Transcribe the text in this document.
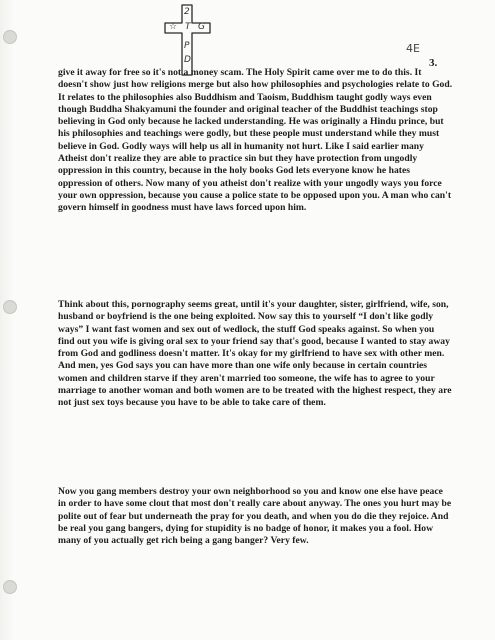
2
☆ T G
P
D
4E
3.

give it away for free so it's not a money scam. The Holy Spirit came over me to do this. It doesn't show just how religions merge but also how philosophies and psychologies relate to God. It relates to the philosophies also Buddhism and Taoism, Buddhism taught godly ways even though Buddha Shakyamuni the founder and original teacher of the Buddhist teachings stop believing in God only because he lacked understanding. He was originally a Hindu prince, but his philosophies and teachings were godly, but these people must understand while they must believe in God. Godly ways will help us all in humanity not hurt. Like I said earlier many Atheist don't realize they are able to practice sin but they have protection from ungodly oppression in this country, because in the holy books God lets everyone know he hates oppression of others. Now many of you atheist don't realize with your ungodly ways you force your own oppression, because you cause a police state to be opposed upon you. A man who can't govern himself in goodness must have laws forced upon him.

Think about this, pornography seems great, until it's your daughter, sister, girlfriend, wife, son, husband or boyfriend is the one being exploited. Now say this to yourself “I don't like godly ways” I want fast women and sex out of wedlock, the stuff God speaks against. So when you find out you wife is giving oral sex to your friend say that's good, because I wanted to stay away from God and godliness doesn't matter. It's okay for my girlfriend to have sex with other men. And men, yes God says you can have more than one wife only because in certain countries women and children starve if they aren't married too someone, the wife has to agree to your marriage to another woman and both women are to be treated with the highest respect, they are not just sex toys because you have to be able to take care of them.

Now you gang members destroy your own neighborhood so you and know one else have peace in order to have some clout that most don't really care about anyway. The ones you hurt may be polite out of fear but underneath the pray for you death, and when you do die they rejoice. And be real you gang bangers, dying for stupidity is no badge of honor, it makes you a fool. How many of you actually get rich being a gang banger? Very few.
